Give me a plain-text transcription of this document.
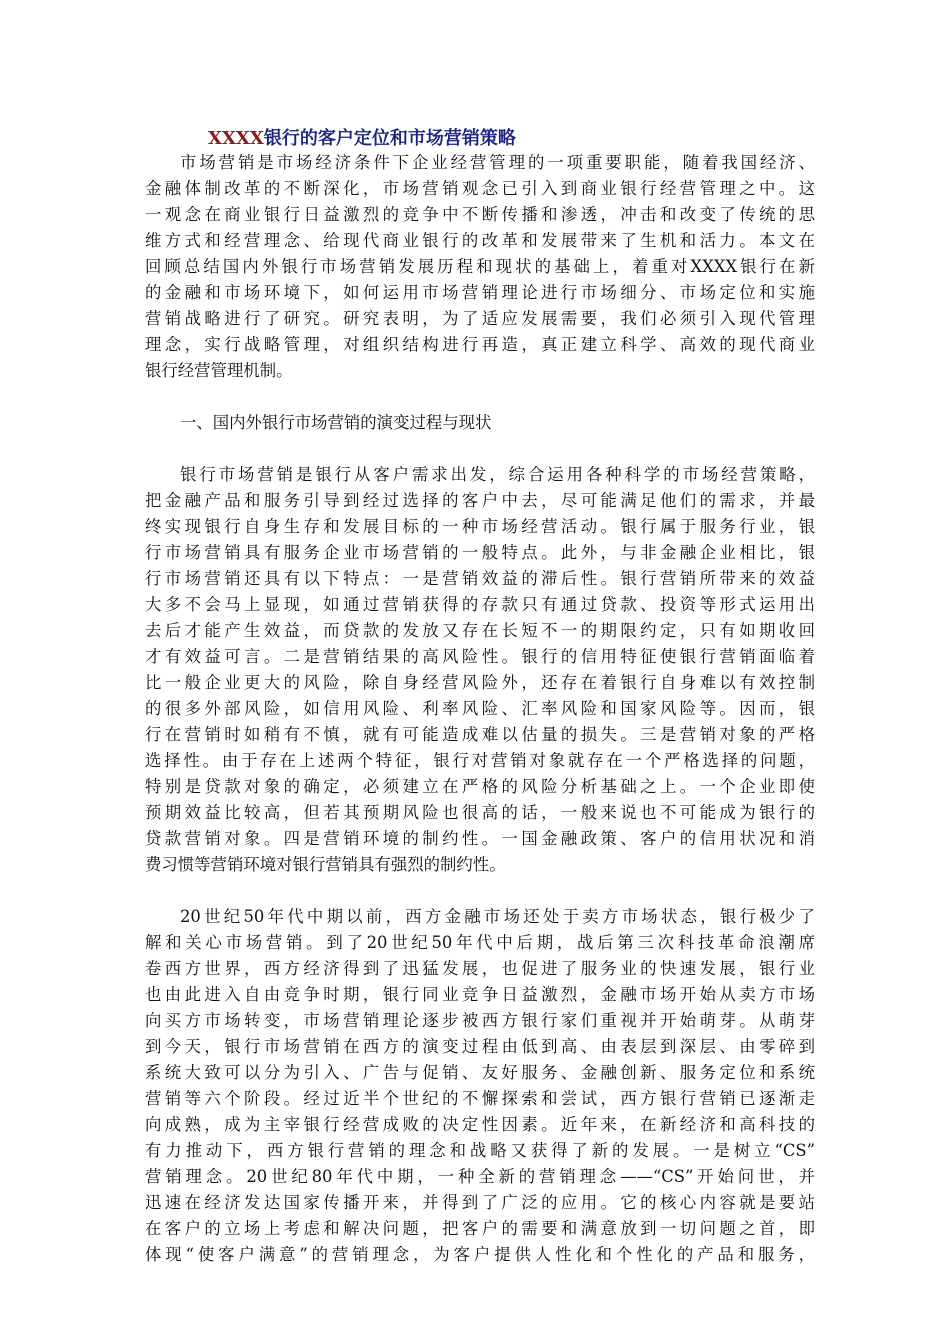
XXXX银行的客户定位和市场营销策略
市场营销是市场经济条件下企业经营管理的一项重要职能，随着我国经济、
金融体制改革的不断深化，市场营销观念已引入到商业银行经营管理之中。这
一观念在商业银行日益激烈的竞争中不断传播和渗透，冲击和改变了传统的思
维方式和经营理念、给现代商业银行的改革和发展带来了生机和活力。本文在
回顾总结国内外银行市场营销发展历程和现状的基础上，着重对XXXX银行在新
的金融和市场环境下，如何运用市场营销理论进行市场细分、市场定位和实施
营销战略进行了研究。研究表明，为了适应发展需要，我们必须引入现代管理
理念，实行战略管理，对组织结构进行再造，真正建立科学、高效的现代商业
银行经营管理机制。
一、国内外银行市场营销的演变过程与现状
银行市场营销是银行从客户需求出发，综合运用各种科学的市场经营策略，
把金融产品和服务引导到经过选择的客户中去，尽可能满足他们的需求，并最
终实现银行自身生存和发展目标的一种市场经营活动。银行属于服务行业，银
行市场营销具有服务企业市场营销的一般特点。此外，与非金融企业相比，银
行市场营销还具有以下特点：一是营销效益的滞后性。银行营销所带来的效益
大多不会马上显现，如通过营销获得的存款只有通过贷款、投资等形式运用出
去后才能产生效益，而贷款的发放又存在长短不一的期限约定，只有如期收回
才有效益可言。二是营销结果的高风险性。银行的信用特征使银行营销面临着
比一般企业更大的风险，除自身经营风险外，还存在着银行自身难以有效控制
的很多外部风险，如信用风险、利率风险、汇率风险和国家风险等。因而，银
行在营销时如稍有不慎，就有可能造成难以估量的损失。三是营销对象的严格
选择性。由于存在上述两个特征，银行对营销对象就存在一个严格选择的问题，
特别是贷款对象的确定，必须建立在严格的风险分析基础之上。一个企业即使
预期效益比较高，但若其预期风险也很高的话，一般来说也不可能成为银行的
贷款营销对象。四是营销环境的制约性。一国金融政策、客户的信用状况和消
费习惯等营销环境对银行营销具有强烈的制约性。
20世纪50年代中期以前，西方金融市场还处于卖方市场状态，银行极少了
解和关心市场营销。到了20世纪50年代中后期，战后第三次科技革命浪潮席
卷西方世界，西方经济得到了迅猛发展，也促进了服务业的快速发展，银行业
也由此进入自由竞争时期，银行同业竞争日益激烈，金融市场开始从卖方市场
向买方市场转变，市场营销理论逐步被西方银行家们重视并开始萌芽。从萌芽
到今天，银行市场营销在西方的演变过程由低到高、由表层到深层、由零碎到
系统大致可以分为引入、广告与促销、友好服务、金融创新、服务定位和系统
营销等六个阶段。经过近半个世纪的不懈探索和尝试，西方银行营销已逐渐走
向成熟，成为主宰银行经营成败的决定性因素。近年来，在新经济和高科技的
有力推动下，西方银行营销的理念和战略又获得了新的发展。一是树立“CS”
营销理念。20世纪80年代中期，一种全新的营销理念——“CS”开始问世，并
迅速在经济发达国家传播开来，并得到了广泛的应用。它的核心内容就是要站
在客户的立场上考虑和解决问题，把客户的需要和满意放到一切问题之首，即
体现“使客户满意”的营销理念，为客户提供人性化和个性化的产品和服务，
